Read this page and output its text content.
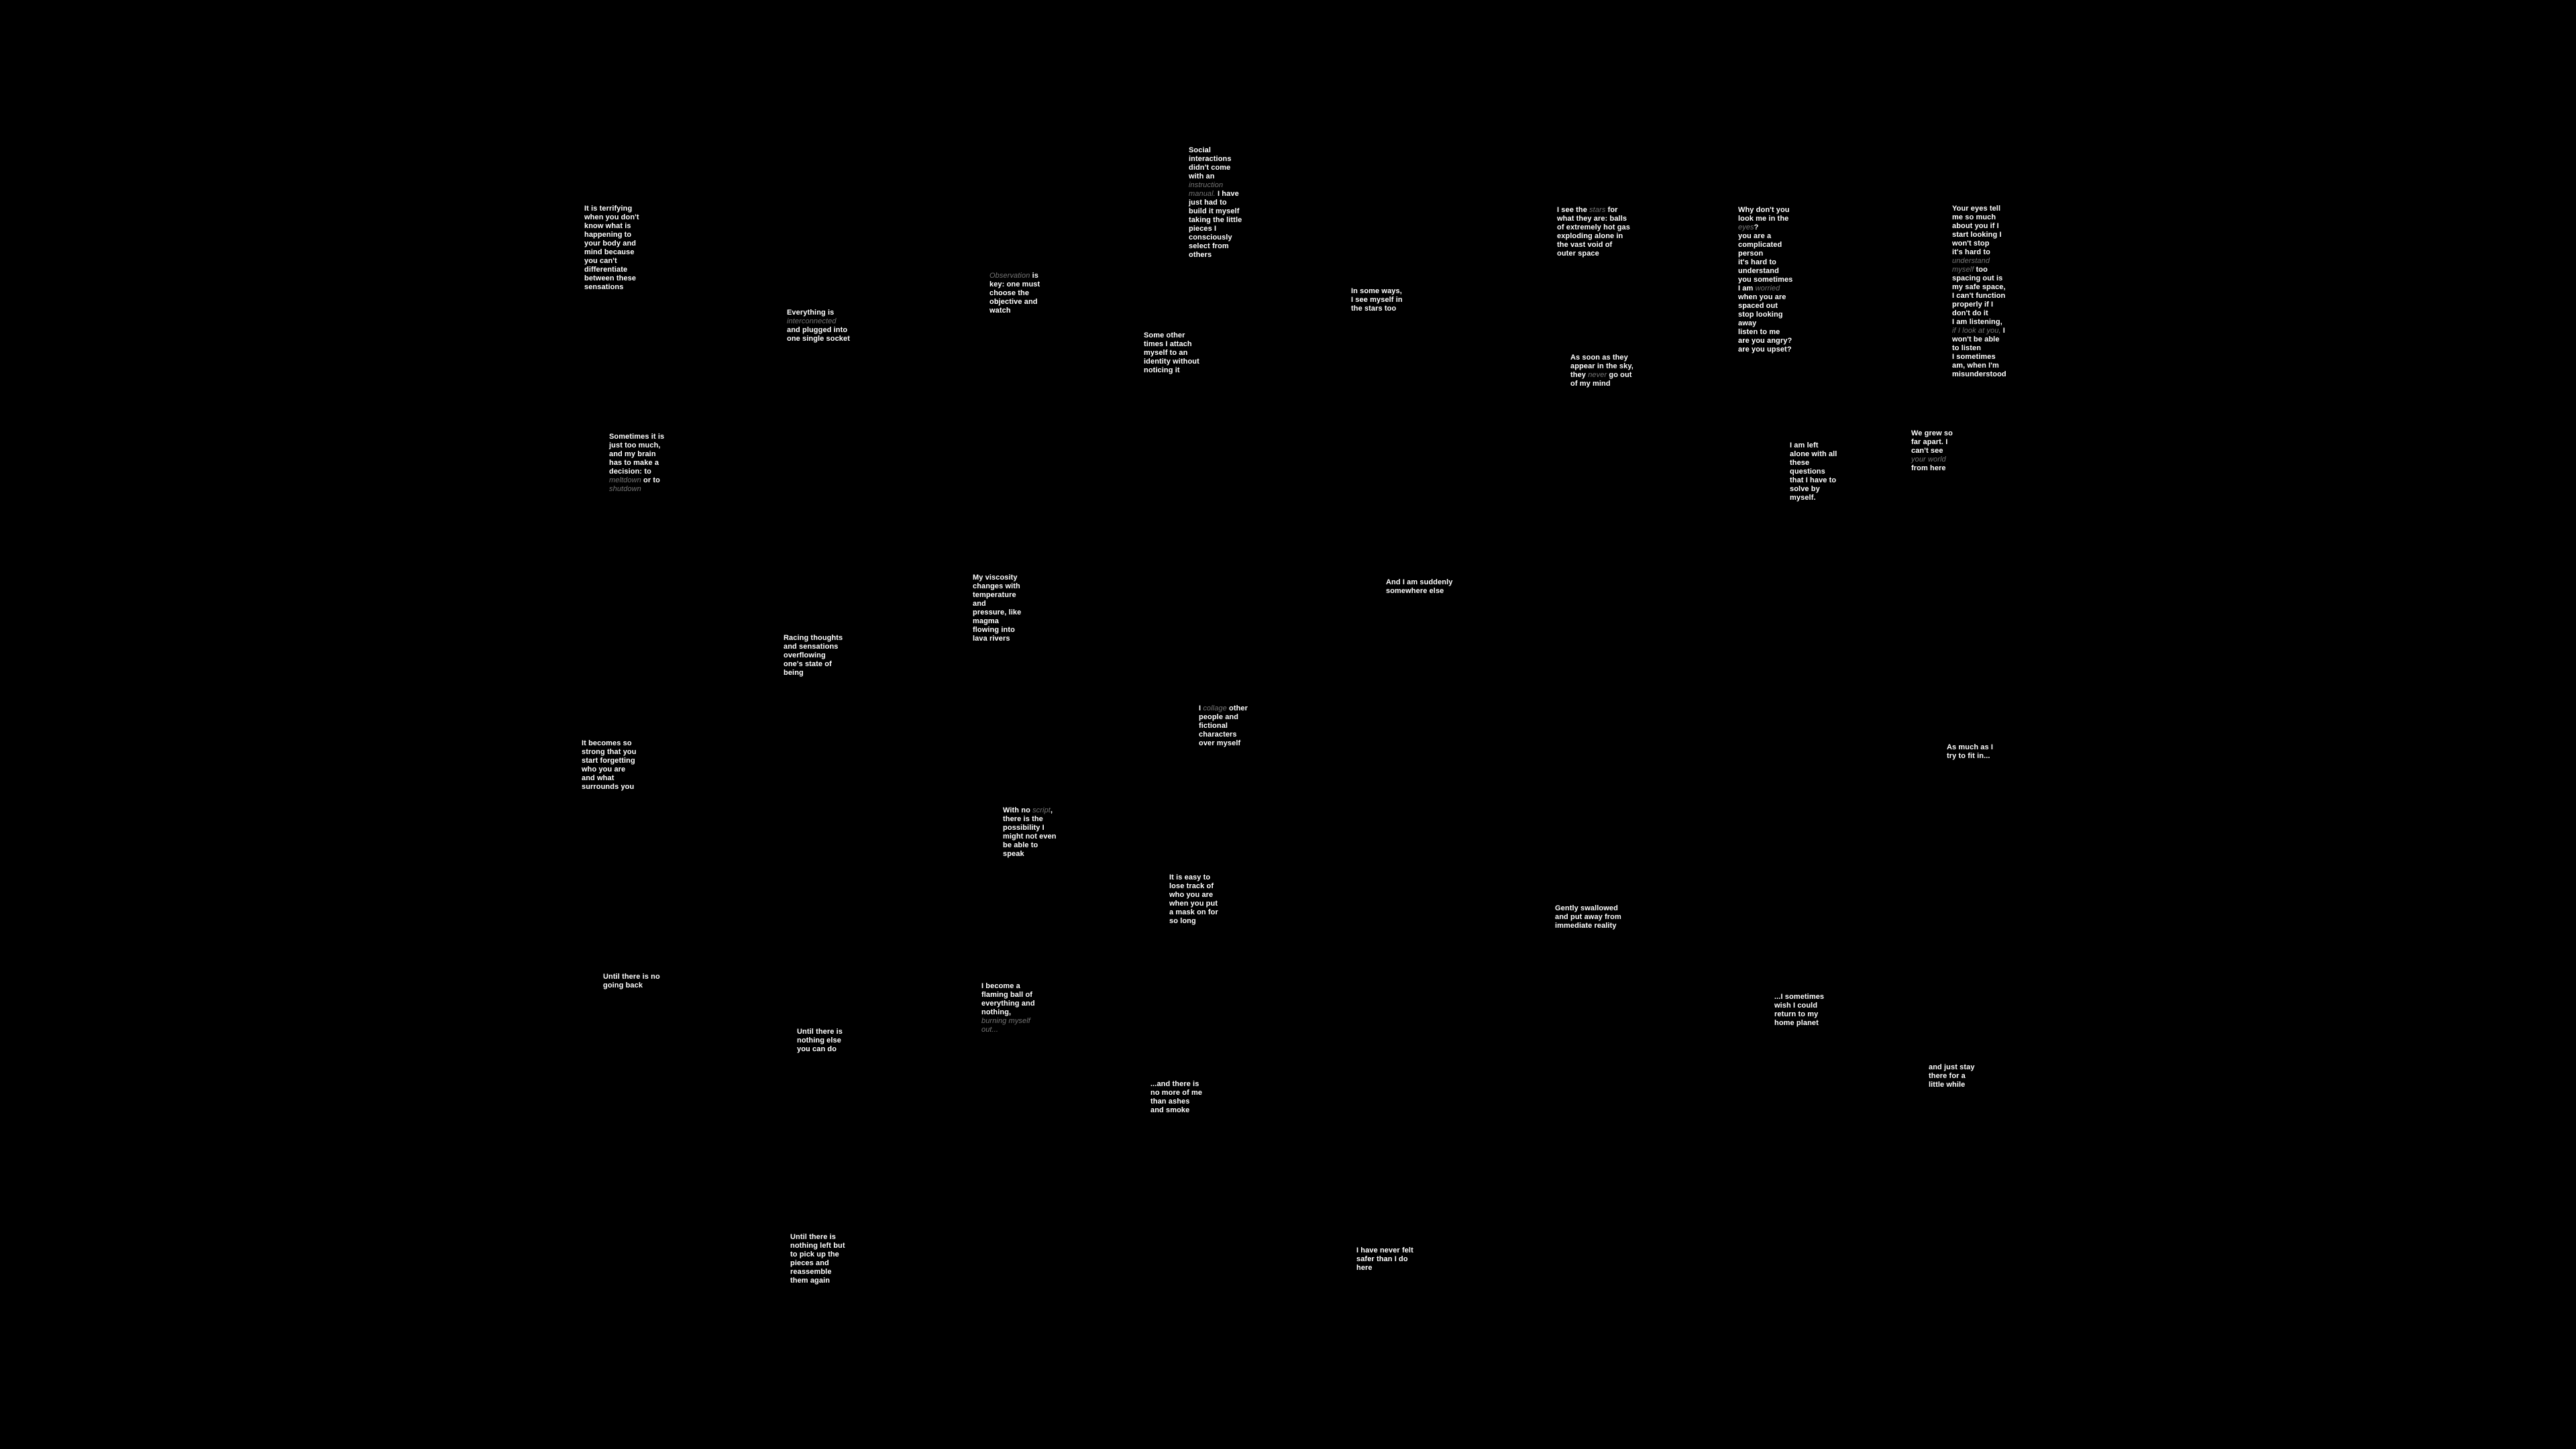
It is terrifying
when you don't
know what is
happening to
your body and
mind because
you can't
differentiate
between these
sensations
Everything is
interconnected
and plugged into
one single socket
Observation is
key: one must
choose the
objective and
watch
Social
interactions
didn't come
with an
instruction
manual. I have
just had to
build it myself
taking the little
pieces I
consciously
select from
others
Some other
times I attach
myself to an
identity without
noticing it
In some ways,
I see myself in
the stars too
I see the stars for
what they are: balls
of extremely hot gas
exploding alone in
the vast void of
outer space
As soon as they
appear in the sky,
they never go out
of my mind
Why don't you
look me in the
eyes?
you are a
complicated
person
it's hard to
understand
you sometimes
I am worried
when you are
spaced out
stop looking
away
listen to me
are you angry?
are you upset?
Your eyes tell
me so much
about you if I
start looking I
won't stop
it's hard to
understand
myself too
spacing out is
my safe space,
I can't function
properly if I
don't do it
I am listening,
if I look at you, I
won't be able
to listen
I sometimes
am, when I'm
misunderstood
Sometimes it is
just too much,
and my brain
has to make a
decision: to
meltdown or to
shutdown
I am left
alone with all
these
questions
that I have to
solve by
myself.
We grew so
far apart. I
can't see
your world
from here
My viscosity
changes with
temperature
and
pressure, like
magma
flowing into
lava rivers
And I am suddenly
somewhere else
Racing thoughts
and sensations
overflowing
one's state of
being
I collage other
people and
fictional
characters
over myself
It becomes so
strong that you
start forgetting
who you are
and what
surrounds you
As much as I
try to fit in...
With no script,
there is the
possibility I
might not even
be able to
speak
It is easy to
lose track of
who you are
when you put
a mask on for
so long
Gently swallowed
and put away from
immediate reality
Until there is no
going back	I become a
flaming ball of
everything and
nothing,
burning myself
out...
...I sometimes
wish I could
return to my
home planet
Until there is
nothing else
you can do
and just stay
there for a
little while
...and there is
no more of me
than ashes
and smoke
Until there is
nothing left but
to pick up the
pieces and
reassemble
them again
I have never felt
safer than I do
here
